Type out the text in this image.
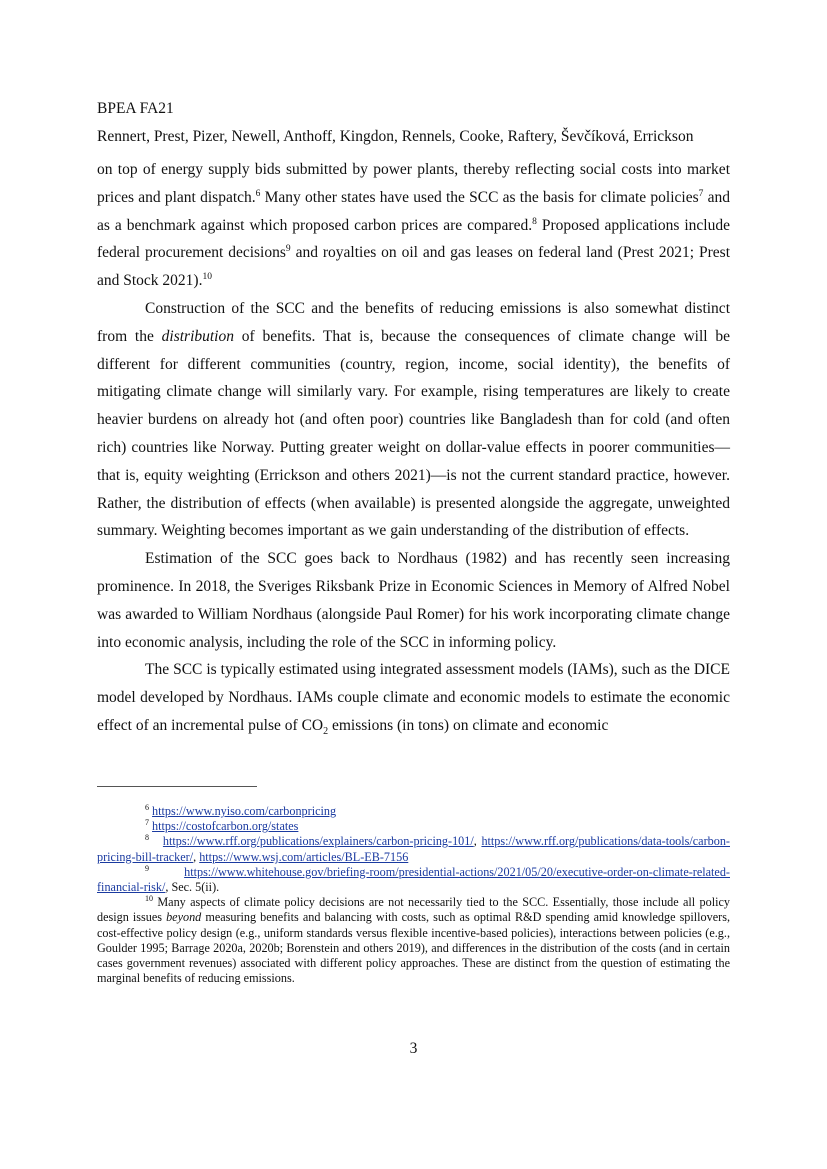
BPEA FA21
Rennert, Prest, Pizer, Newell, Anthoff, Kingdon, Rennels, Cooke, Raftery, Ševčíková, Errickson

on top of energy supply bids submitted by power plants, thereby reflecting social costs into market prices and plant dispatch.$^6$ Many other states have used the SCC as the basis for climate policies$^7$ and as a benchmark against which proposed carbon prices are compared.$^8$ Proposed applications include federal procurement decisions$^9$ and royalties on oil and gas leases on federal land (Prest 2021; Prest and Stock 2021).$^{10}$

Construction of the SCC and the benefits of reducing emissions is also somewhat distinct from the distribution of benefits. That is, because the consequences of climate change will be different for different communities (country, region, income, social identity), the benefits of mitigating climate change will similarly vary. For example, rising temperatures are likely to create heavier burdens on already hot (and often poor) countries like Bangladesh than for cold (and often rich) countries like Norway. Putting greater weight on dollar-value effects in poorer communities—that is, equity weighting (Errickson and others 2021)—is not the current standard practice, however. Rather, the distribution of effects (when available) is presented alongside the aggregate, unweighted summary. Weighting becomes important as we gain understanding of the distribution of effects.

Estimation of the SCC goes back to Nordhaus (1982) and has recently seen increasing prominence. In 2018, the Sveriges Riksbank Prize in Economic Sciences in Memory of Alfred Nobel was awarded to William Nordhaus (alongside Paul Romer) for his work incorporating climate change into economic analysis, including the role of the SCC in informing policy.

The SCC is typically estimated using integrated assessment models (IAMs), such as the DICE model developed by Nordhaus. IAMs couple climate and economic models to estimate the economic effect of an incremental pulse of $CO_2$ emissions (in tons) on climate and economic

$^6$ https://www.nyiso.com/carbonpricing

$^7$ https://costofcarbon.org/states

$^8$ https://www.rff.org/publications/explainers/carbon-pricing-101/, https://www.rff.org/publications/data-tools/carbon-pricing-bill-tracker/, https://www.wsj.com/articles/BL-EB-7156

$^9$	https://www.whitehouse.gov/briefing-room/presidential-actions/2021/05/20/executive-order-on-climate-related-financial-risk/, Sec. 5(ii).

$^{10}$ Many aspects of climate policy decisions are not necessarily tied to the SCC. Essentially, those include all policy design issues beyond measuring benefits and balancing with costs, such as optimal R&D spending amid knowledge spillovers, cost-effective policy design (e.g., uniform standards versus flexible incentive-based policies), interactions between policies (e.g., Goulder 1995; Barrage 2020a, 2020b; Borenstein and others 2019), and differences in the distribution of the costs (and in certain cases government revenues) associated with different policy approaches. These are distinct from the question of estimating the marginal benefits of reducing emissions.

3
